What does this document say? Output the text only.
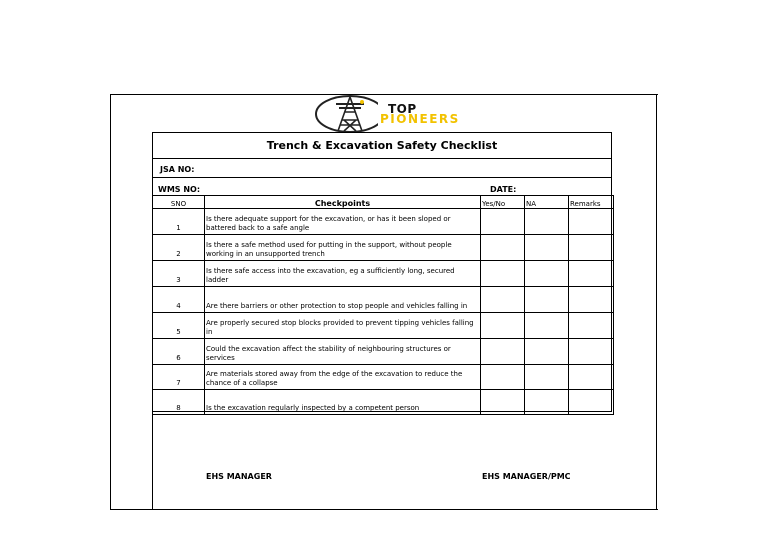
TOP
PIONEERS
Trench & Excavation Safety Checklist
JSA NO:
WMS NO:	DATE:
SNO	Checkpoints	Yes/No	NA	Remarks
1	Is there adequate support for the excavation, or has it been sloped or battered back to a safe angle			
2	Is there a safe method used for putting in the support, without people working in an unsupported trench			
3	Is there safe access into the excavation, eg a sufficiently long, secured ladder			
4	Are there barriers or other protection to stop people and vehicles falling in			
5	Are properly secured stop blocks provided to prevent tipping vehicles falling in			
6	Could the excavation affect the stability of neighbouring structures or services			
7	Are materials stored away from the edge of the excavation to reduce the chance of a collapse			
8	Is the excavation regularly inspected by a competent person			
EHS MANAGER	EHS MANAGER/PMC
